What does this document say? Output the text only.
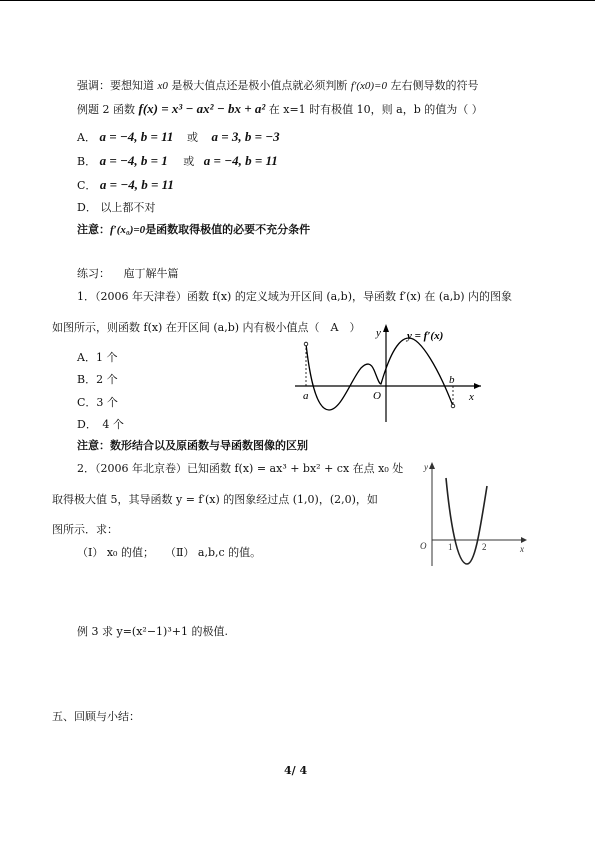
强调：要想知道 x0 是极大值点还是极小值点就必须判断 f′(x0)=0 左右侧导数的符号
例题 2 函数 f(x) = x³ − ax² − bx + a² 在 x=1 时有极值 10，则 a，b 的值为（ ）
A． a = −4, b = 11 或 a = 3, b = −3
B． a = −4, b = 1 或 a = −4, b = 11
C． a = −4, b = 11
D． 以上都不对
注意：f′(x₀)=0是函数取得极值的必要不充分条件
练习： 庖丁解牛篇
1．（2006 年天津卷）函数 f(x) 的定义域为开区间 (a,b)，导函数 f′(x) 在 (a,b) 内的图象
如图所示，则函数 f(x) 在开区间 (a,b) 内有极小值点（　A　）
A．1 个
B．2 个
C．3 个
D．　4 个
y y = f′(x)
a
b
O	x
注意：数形结合以及原函数与导函数图像的区别
2．（2006 年北京卷）已知函数 f(x) = ax³ + bx² + cx 在点 x₀ 处
取得极大值 5，其导函数 y = f′(x) 的图象经过点 (1,0)，(2,0)，如
图所示．求：
（Ⅰ） x₀ 的值；　　（Ⅱ） a,b,c 的值。
y
O 1	2	x
例 3 求 y=(x²−1)³+1 的极值.
五、回顾与小结：
4/ 4
